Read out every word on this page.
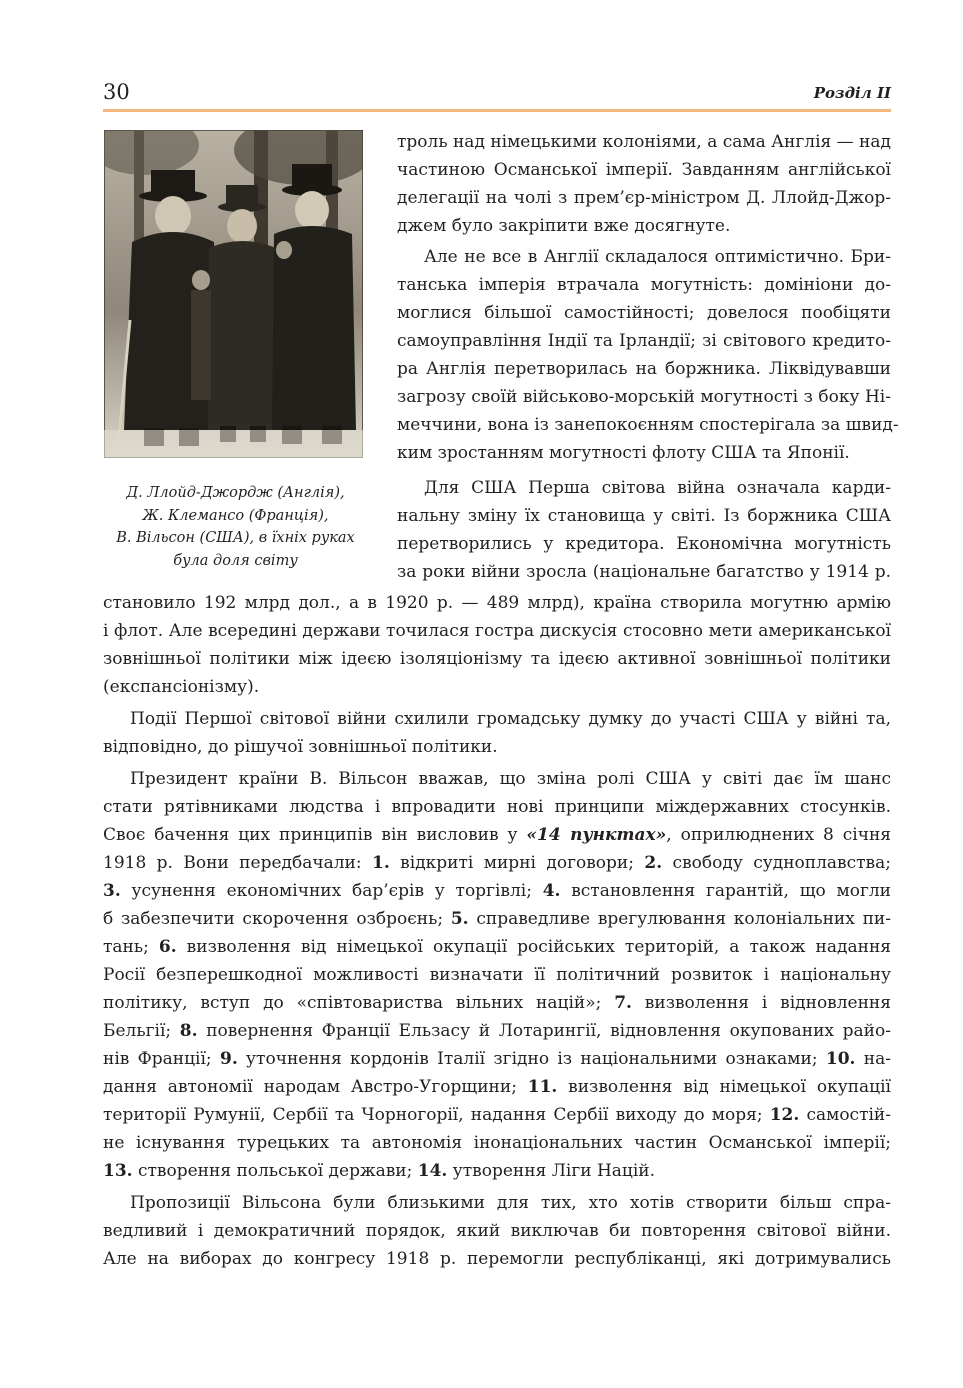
30	Розділ II
Д. Ллойд-Джордж (Англія),
Ж. Клемансо (Франція),
В. Вільсон (США), в їхніх руках
була доля світу
троль над німецькими колоніями, а сама Англія — над
частиною Османської імперії. Завданням англійської
делегації на чолі з прем’єр-міністром Д. Ллойд-Джор-
джем було закріпити вже досягнуте.
Але не все в Англії складалося оптимістично. Бри-
танська імперія втрачала могутність: домініони до-
моглися більшої самостійності; довелося пообіцяти
самоуправління Індії та Ірландії; зі світового кредито-
ра Англія перетворилась на боржника. Ліквідувавши
загрозу своїй військово-морській могутності з боку Ні-
меччини, вона із занепокоєнням спостерігала за швид-
ким зростанням могутності флоту США та Японії.
Для США Перша світова війна означала карди-
нальну зміну їх становища у світі. Із боржника США
перетворились у кредитора. Економічна могутність
за роки війни зросла (національне багатство у 1914 р.
становило 192 млрд дол., а в 1920 р. — 489 млрд), країна створила могутню армію
і флот. Але всередині держави точилася гостра дискусія стосовно мети американської
зовнішньої політики між ідеєю ізоляціонізму та ідеєю активної зовнішньої політики
(експансіонізму).
Події Першої світової війни схилили громадську думку до участі США у війні та,
відповідно, до рішучої зовнішньої політики.
Президент країни В. Вільсон вважав, що зміна ролі США у світі дає їм шанс
стати рятівниками людства і впровадити нові принципи міждержавних стосунків.
Своє бачення цих принципів він висловив у «14 пунктах», оприлюднених 8 січня
1918 р. Вони передбачали: 1. відкриті мирні договори; 2. свободу судноплавства;
3. усунення економічних бар’єрів у торгівлі; 4. встановлення гарантій, що могли
б забезпечити скорочення озброєнь; 5. справедливе врегулювання колоніальних пи-
тань; 6. визволення від німецької окупації російських територій, а також надання
Росії безперешкодної можливості визначати її політичний розвиток і національну
політику, вступ до «співтовариства вільних націй»; 7. визволення і відновлення
Бельгії; 8. повернення Франції Ельзасу й Лотарингії, відновлення окупованих райо-
нів Франції; 9. уточнення кордонів Італії згідно із національними ознаками; 10. на-
дання автономії народам Австро-Угорщини; 11. визволення від німецької окупації
території Румунії, Сербії та Чорногорії, надання Сербії виходу до моря; 12. самостій-
не існування турецьких та автономія інонаціональних частин Османської імперії;
13. створення польської держави; 14. утворення Ліги Націй.
Пропозиції Вільсона були близькими для тих, хто хотів створити більш спра-
ведливий і демократичний порядок, який виключав би повторення світової війни.
Але на виборах до конгресу 1918 р. перемогли республіканці, які дотримувались
